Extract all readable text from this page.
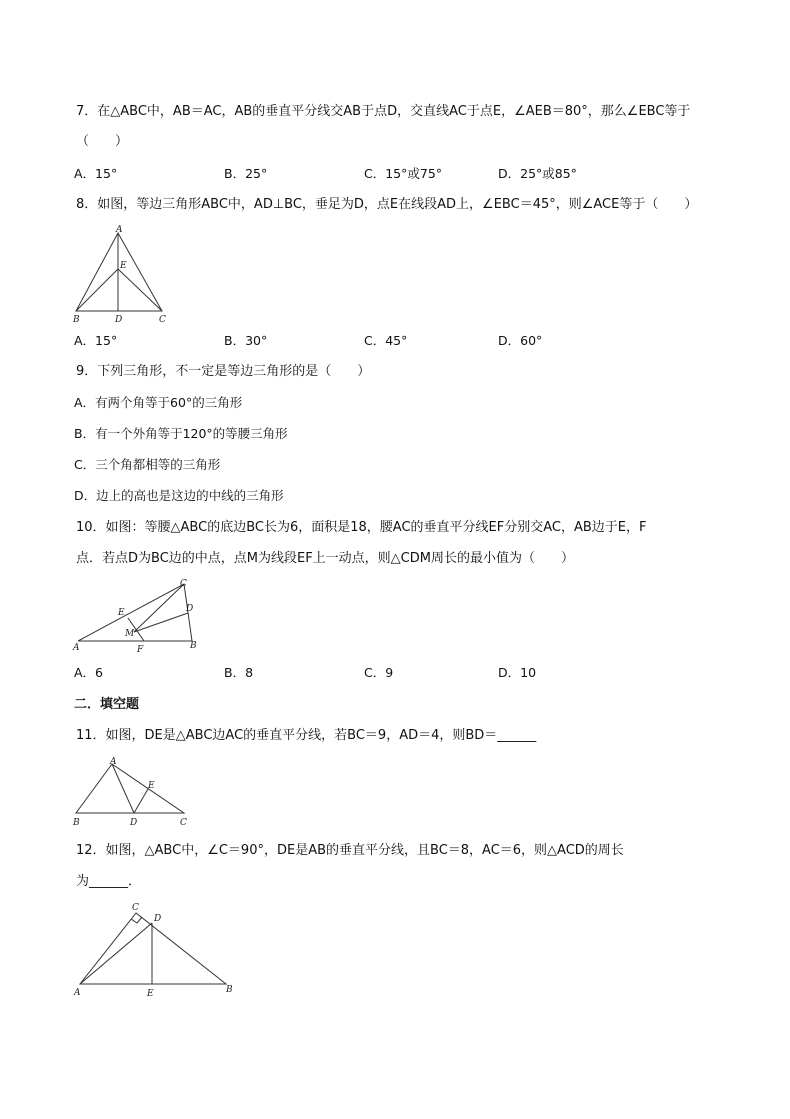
7．在△ABC中，AB＝AC，AB的垂直平分线交AB于点D，交直线AC于点E，∠AEB＝80°，那么∠EBC等于
（　　）
A．15°	B．25°	C．15°或75°	D．25°或85°
8．如图，等边三角形ABC中，AD⊥BC，垂足为D，点E在线段AD上，∠EBC＝45°，则∠ACE等于（　　）
A
E
B	D	C
A．15°	B．30°	C．45°	D．60°
9．下列三角形，不一定是等边三角形的是（　　）
A．有两个角等于60°的三角形
B．有一个外角等于120°的等腰三角形
C．三个角都相等的三角形
D．边上的高也是这边的中线的三角形
10．如图：等腰△ABC的底边BC长为6，面积是18，腰AC的垂直平分线EF分别交AC，AB边于E，F
点．若点D为BC边的中点，点M为线段EF上一动点，则△CDM周长的最小值为（　　）
A
C
D
B
E
M
F
A．6	B．8	C．9	D．10
二．填空题
11．如图，DE是△ABC边AC的垂直平分线，若BC＝9，AD＝4，则BD＝______
A
E
B	D	C
12．如图，△ABC中，∠C＝90°，DE是AB的垂直平分线，且BC＝8，AC＝6，则△ACD的周长
为______．
C
D
A	E	B
